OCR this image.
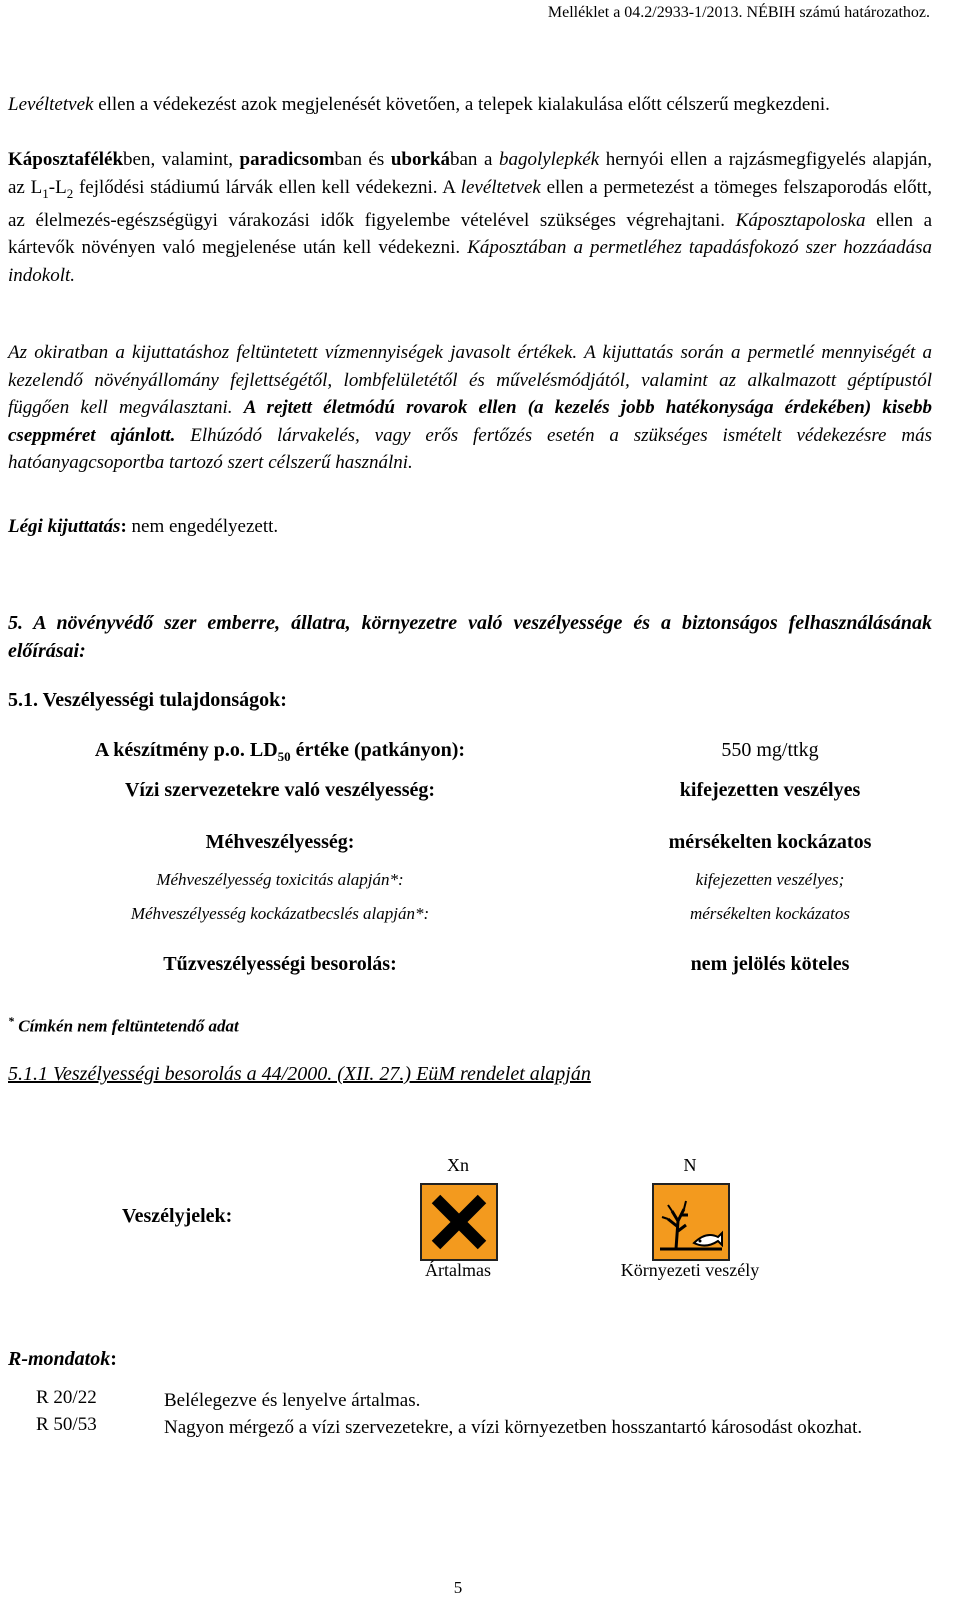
Melléklet a 04.2/2933-1/2013. NÉBIH számú határozathoz.

Levéltetvek ellen a védekezést azok megjelenését követően, a telepek kialakulása előtt célszerű megkezdeni.

Káposztafélékben, valamint, paradicsomban és uborkában a bagolylepkék hernyói ellen a rajzásmegfigyelés alapján, az $L_1-L_2$ fejlődési stádiumú lárvák ellen kell védekezni. A levéltetvek ellen a permetezést a tömeges felszaporodás előtt, az élelmezés-egészségügyi várakozási idők figyelembe vételével szükséges végrehajtani. Káposztapoloska ellen a kártevők növényen való megjelenése után kell védekezni. Káposztában a permetléhez tapadásfokozó szer hozzáadása indokolt.

Az okiratban a kijuttatáshoz feltüntetett vízmennyiségek javasolt értékek. A kijuttatás során a permetlé mennyiségét a kezelendő növényállomány fejlettségétől, lombfelületétől és művelésmódjától, valamint az alkalmazott géptípustól függően kell megválasztani. A rejtett életmódú rovarok ellen (a kezelés jobb hatékonysága érdekében) kisebb cseppméret ajánlott. Elhúzódó lárvakelés, vagy erős fertőzés esetén a szükséges ismételt védekezésre más hatóanyagcsoportba tartozó szert célszerű használni.

Légi kijuttatás: nem engedélyezett.
5. A növényvédő szer emberre, állatra, környezetre való veszélyessége és a biztonságos felhasználásának előírásai:
5.1. Veszélyességi tulajdonságok:
A készítmény p.o. $LD_{50}$ értéke (patkányon):	550 mg/ttkg
Vízi szervezetekre való veszélyesség:	kifejezetten veszélyes
Méhveszélyesség:	mérsékelten kockázatos
Méhveszélyesség toxicitás alapján*:	kifejezetten veszélyes;
Méhveszélyesség kockázatbecslés alapján*:	mérsékelten kockázatos
Tűzveszélyességi besorolás:	nem jelölés köteles
* Címkén nem feltüntetendő adat
5.1.1 Veszélyességi besorolás a 44/2000. (XII. 27.) EüM rendelet alapján
Veszélyjelek:
Xn
Ártalmas
N
Környezeti veszély
R-mondatok:
R 20/22	Belélegezve és lenyelve ártalmas.
R 50/53	Nagyon mérgező a vízi szervezetekre, a vízi környezetben hosszantartó károsodást okozhat.
5
